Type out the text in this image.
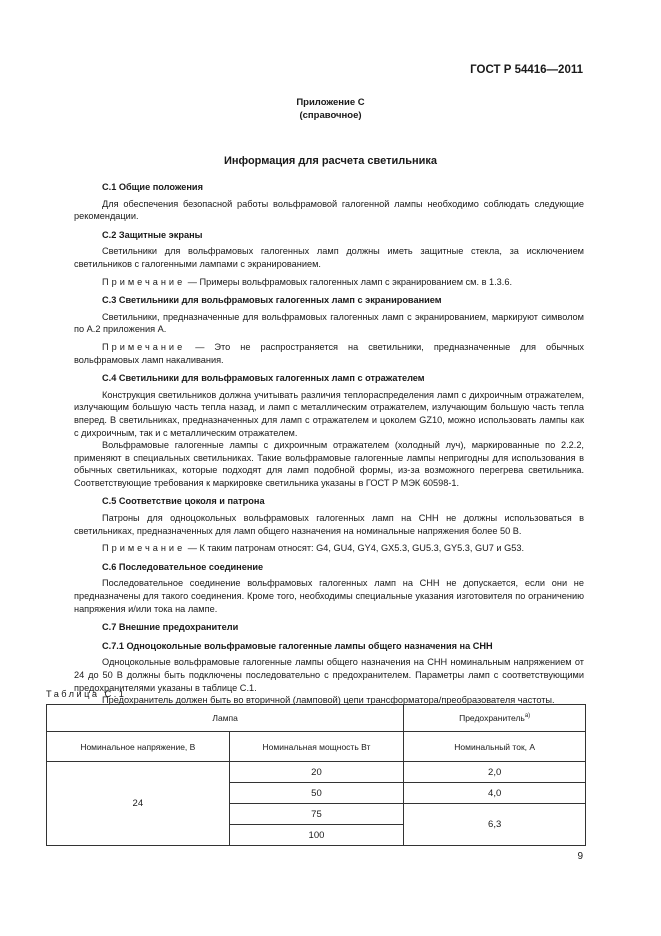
ГОСТ Р 54416—2011
Приложение С
(справочное)
Информация для расчета светильника

С.1 Общие положения

Для обеспечения безопасной работы вольфрамовой галогенной лампы необходимо соблюдать следующие рекомендации.

С.2 Защитные экраны

Светильники для вольфрамовых галогенных ламп должны иметь защитные стекла, за исключением светильников с галогенными лампами с экранированием.

Примечание — Примеры вольфрамовых галогенных ламп с экранированием см. в 1.3.6.

С.3 Светильники для вольфрамовых галогенных ламп с экранированием

Светильники, предназначенные для вольфрамовых галогенных ламп с экранированием, маркируют символом по А.2 приложения А.

Примечание — Это не распространяется на светильники, предназначенные для обычных вольфрамовых ламп накаливания.

С.4 Светильники для вольфрамовых галогенных ламп с отражателем

Конструкция светильников должна учитывать различия теплораспределения ламп с дихроичным отражателем, излучающим большую часть тепла назад, и ламп с металлическим отражателем, излучающим большую часть тепла вперед. В светильниках, предназначенных для ламп с отражателем и цоколем GZ10, можно использовать лампы как с дихроичным, так и с металлическим отражателем.

Вольфрамовые галогенные лампы с дихроичным отражателем (холодный луч), маркированные по 2.2.2, применяют в специальных светильниках. Такие вольфрамовые галогенные лампы непригодны для использования в обычных светильниках, которые подходят для ламп подобной формы, из-за возможного перегрева светильника. Соответствующие требования к маркировке светильника указаны в ГОСТ Р МЭК 60598-1.

С.5 Соответствие цоколя и патрона

Патроны для одноцокольных вольфрамовых галогенных ламп на СНН не должны использоваться в светильниках, предназначенных для ламп общего назначения на номинальные напряжения более 50 В.

Примечание — К таким патронам относят: G4, GU4, GY4, GX5.3, GU5.3, GY5.3, GU7 и G53.

С.6 Последовательное соединение

Последовательное соединение вольфрамовых галогенных ламп на СНН не допускается, если они не предназначены для такого соединения. Кроме того, необходимы специальные указания изготовителя по ограничению напряжения и/или тока на лампе.

С.7 Внешние предохранители

С.7.1 Одноцокольные вольфрамовые галогенные лампы общего назначения на СНН

Одноцокольные вольфрамовые галогенные лампы общего назначения на СНН номинальным напряжением от 24 до 50 В должны быть подключены последовательно с предохранителем. Параметры ламп с соответствующими предохранителями указаны в таблице С.1.

Предохранитель должен быть во вторичной (ламповой) цепи трансформатора/преобразователя частоты.

Таблица С.1
Лампа		Предохранитель$^{а)}$
Номинальное напряжение, В	Номинальная мощность Вт	Номинальный ток, А
24	20	2,0
	50	4,0
	75	6,3
	100	
9
